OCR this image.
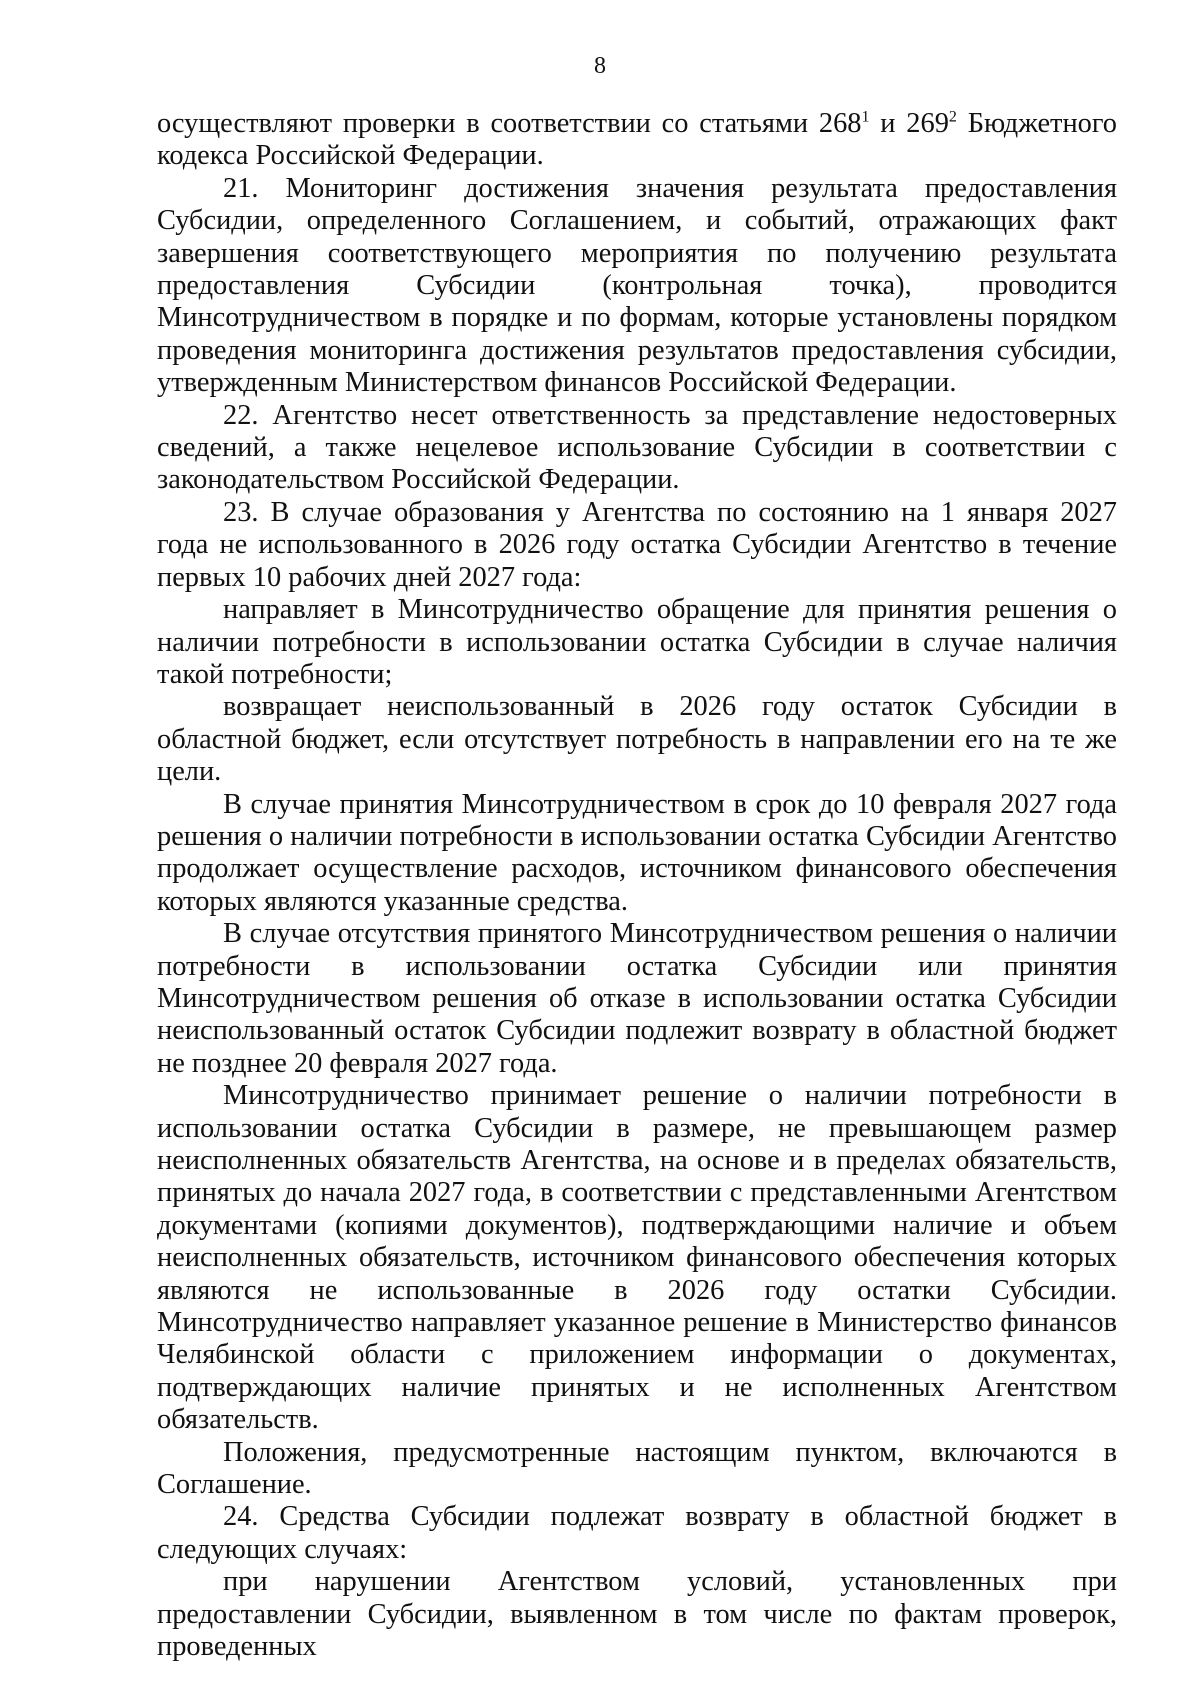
8

осуществляют проверки в соответствии со статьями $268^1$ и $269^2$ Бюджетного кодекса Российской Федерации.

21. Мониторинг достижения значения результата предоставления Субсидии, определенного Соглашением, и событий, отражающих факт завершения соответствующего мероприятия по получению результата предоставления Субсидии (контрольная точка), проводится Минсотрудничеством в порядке и по формам, которые установлены порядком проведения мониторинга достижения результатов предоставления субсидии, утвержденным Министерством финансов Российской Федерации.

22. Агентство несет ответственность за представление недостоверных сведений, а также нецелевое использование Субсидии в соответствии с законодательством Российской Федерации.

23. В случае образования у Агентства по состоянию на 1 января 2027 года не использованного в 2026 году остатка Субсидии Агентство в течение первых 10 рабочих дней 2027 года:

направляет в Минсотрудничество обращение для принятия решения о наличии потребности в использовании остатка Субсидии в случае наличия такой потребности;

возвращает неиспользованный в 2026 году остаток Субсидии в областной бюджет, если отсутствует потребность в направлении его на те же цели.

В случае принятия Минсотрудничеством в срок до 10 февраля 2027 года решения о наличии потребности в использовании остатка Субсидии Агентство продолжает осуществление расходов, источником финансового обеспечения которых являются указанные средства.

В случае отсутствия принятого Минсотрудничеством решения о наличии потребности в использовании остатка Субсидии или принятия Минсотрудничеством решения об отказе в использовании остатка Субсидии неиспользованный остаток Субсидии подлежит возврату в областной бюджет не позднее 20 февраля 2027 года.

Минсотрудничество принимает решение о наличии потребности в использовании остатка Субсидии в размере, не превышающем размер неисполненных обязательств Агентства, на основе и в пределах обязательств, принятых до начала 2027 года, в соответствии с представленными Агентством документами (копиями документов), подтверждающими наличие и объем неисполненных обязательств, источником финансового обеспечения которых являются не использованные в 2026 году остатки Субсидии. Минсотрудничество направляет указанное решение в Министерство финансов Челябинской области с приложением информации о документах, подтверждающих наличие принятых и не исполненных Агентством обязательств.

Положения, предусмотренные настоящим пунктом, включаются в Соглашение.

24. Средства Субсидии подлежат возврату в областной бюджет в следующих случаях:

при нарушении Агентством условий, установленных при предоставлении Субсидии, выявленном в том числе по фактам проверок, проведенных
